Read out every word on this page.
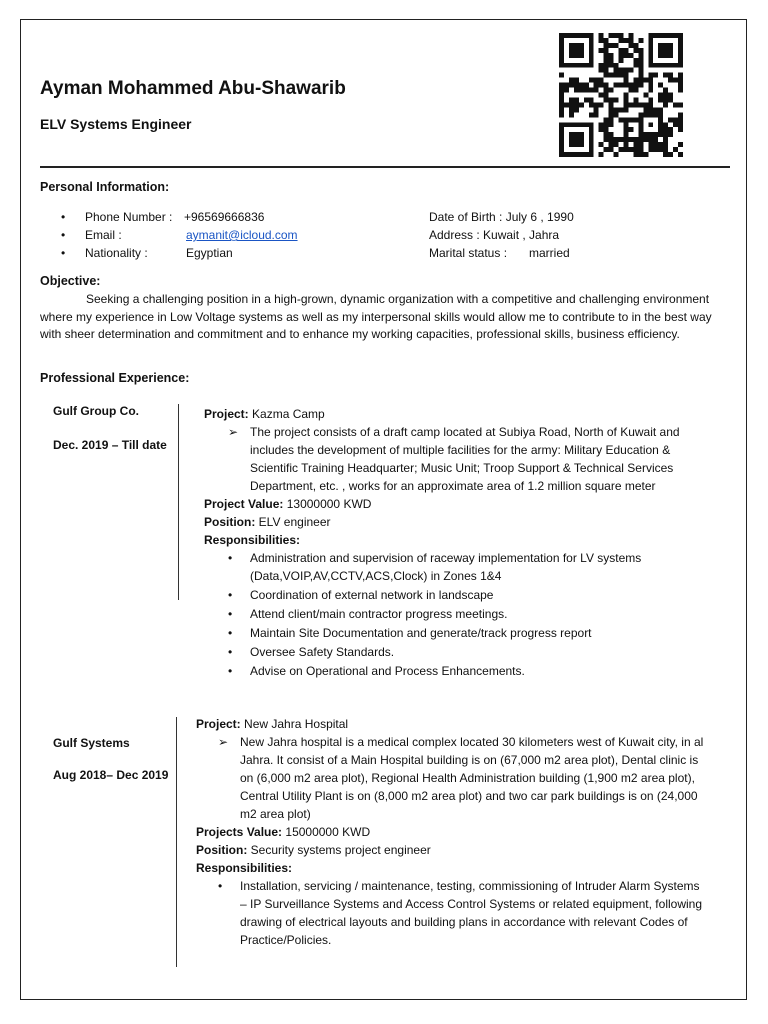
Ayman Mohammed Abu-Shawarib
ELV Systems Engineer
Personal Information:
• Phone Number : +96569666836
• Email :	aymanit@icloud.com
• Nationality :	Egyptian
Date of Birth : July 6 , 1990
Address : Kuwait , Jahra
Marital status : married
Objective:
Seeking a challenging position in a high-grown, dynamic organization with a competitive and challenging environment where my experience in Low Voltage systems as well as my interpersonal skills would allow me to contribute to in the best way with sheer determination and commitment and to enhance my working capacities, professional skills, business efficiency.
Professional Experience:
Gulf Group Co.
Dec. 2019 – Till date
Project: Kazma Camp
➢ The project consists of a draft camp located at Subiya Road, North of Kuwait and includes the development of multiple facilities for the army: Military Education & Scientific Training Headquarter; Music Unit; Troop Support & Technical Services Department, etc. , works for an approximate area of 1.2 million square meter
Project Value: 13000000 KWD
Position: ELV engineer
Responsibilities:
• Administration and supervision of raceway implementation for LV systems (Data,VOIP,AV,CCTV,ACS,Clock) in Zones 1&4
• Coordination of external network in landscape
• Attend client/main contractor progress meetings.
• Maintain Site Documentation and generate/track progress report
• Oversee Safety Standards.
• Advise on Operational and Process Enhancements.
Gulf Systems
Aug 2018– Dec 2019
Project: New Jahra Hospital
➢ New Jahra hospital is a medical complex located 30 kilometers west of Kuwait city, in al Jahra. It consist of a Main Hospital building is on (67,000 m2 area plot), Dental clinic is on (6,000 m2 area plot), Regional Health Administration building (1,900 m2 area plot), Central Utility Plant is on (8,000 m2 area plot) and two car park buildings is on (24,000 m2 area plot)
Projects Value: 15000000 KWD
Position: Security systems project engineer
Responsibilities:
• Installation, servicing / maintenance, testing, commissioning of Intruder Alarm Systems – IP Surveillance Systems and Access Control Systems or related equipment, following drawing of electrical layouts and building plans in accordance with relevant Codes of Practice/Policies.
